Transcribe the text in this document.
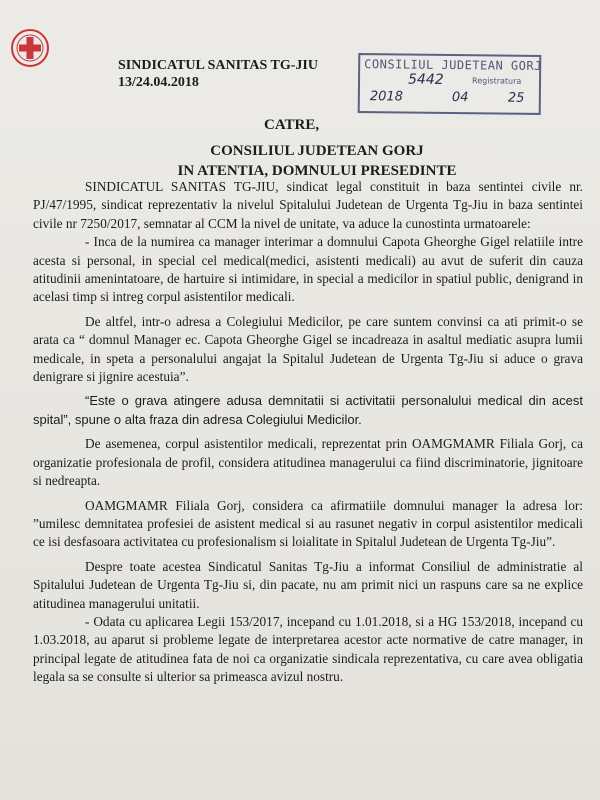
SINDICATUL SANITAS TG-JIU
13/24.04.2018
CONSILIUL JUDETEAN GORJ
5442	Registratura
2018	04	25
CATRE,
CONSILIUL JUDETEAN GORJ
IN ATENTIA, DOMNULUI PRESEDINTE

SINDICATUL SANITAS TG-JIU, sindicat legal constituit in baza sentintei civile nr. PJ/47/1995, sindicat reprezentativ la nivelul Spitalului Judetean de Urgenta Tg-Jiu in baza sentintei civile nr 7250/2017, semnatar al CCM la nivel de unitate, va aduce la cunostinta urmatoarele:

- Inca de la numirea ca manager interimar a domnului Capota Gheorghe Gigel relatiile intre acesta si personal, in special cel medical(medici, asistenti medicali) au avut de suferit din cauza atitudinii amenintatoare, de hartuire si intimidare, in special a medicilor in spatiul public, denigrand in acelasi timp si intreg corpul asistentilor medicali.

De altfel, intr-o adresa a Colegiului Medicilor, pe care suntem convinsi ca ati primit-o se arata ca “ domnul Manager ec. Capota Gheorghe Gigel se incadreaza in asaltul mediatic asupra lumii medicale, in speta a personalului angajat la Spitalul Judetean de Urgenta Tg-Jiu si aduce o grava denigrare si jignire acestuia”.

“Este o grava atingere adusa demnitatii si activitatii personalului medical din acest spital”, spune o alta fraza din adresa Colegiului Medicilor.

De asemenea, corpul asistentilor medicali, reprezentat prin OAMGMAMR Filiala Gorj, ca organizatie profesionala de profil, considera atitudinea managerului ca fiind discriminatorie, jignitoare si nedreapta.

OAMGMAMR Filiala Gorj, considera ca afirmatiile domnului manager la adresa lor: ”umilesc demnitatea profesiei de asistent medical si au rasunet negativ in corpul asistentilor medicali ce isi desfasoara activitatea cu profesionalism si loialitate in Spitalul Judetean de Urgenta Tg-Jiu”.

Despre toate acestea Sindicatul Sanitas Tg-Jiu a informat Consiliul de administratie al Spitalului Judetean de Urgenta Tg-Jiu si, din pacate, nu am primit nici un raspuns care sa ne explice atitudinea managerului unitatii.

- Odata cu aplicarea Legii 153/2017, incepand cu 1.01.2018, si a HG 153/2018, incepand cu 1.03.2018, au aparut si probleme legate de interpretarea acestor acte normative de catre manager, in principal legate de atitudinea fata de noi ca organizatie sindicala reprezentativa, cu care avea obligatia legala sa se consulte si ulterior sa primeasca avizul nostru.
